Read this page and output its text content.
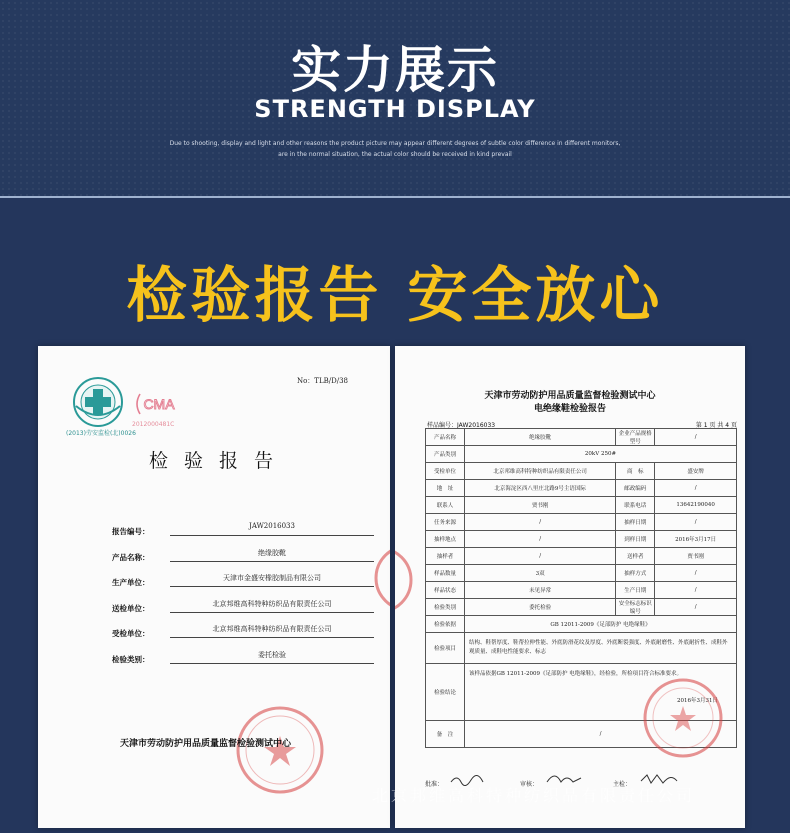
实力展示
STRENGTH DISPLAY
Due to shooting, display and light and other reasons the product picture may appear different degrees of subtle color difference in different monitors,
are in the normal situation, the actual color should be received in kind prevail
检验报告 安全放心
No：TLB/D/38
(2013)劳安监检(北)0026
CMA
2012000481C
检验报告
报告编号：
JAW2016033
产品名称：	绝缘胶靴
生产单位：	天津市金盛安橡胶制品有限公司
送检单位：	北京邦维高科特种纺织品有限责任公司
受检单位：	北京邦维高科特种纺织品有限责任公司
检验类别：	委托检验
天津市劳动防护用品质量监督检验测试中心
天津市劳动防护用品质量监督检验测试中心
电绝缘鞋检验报告
样品编号：JAW2016033	第 1 页 共 4 页
产品名称	绝缘胶靴	企业产品规格型号	/
产品类别	20kV 250#		
受检单位	北京邦维高科特种纺织品有限责任公司	商　标	盛安牌
地　址	北京海淀区西八里庄北路9号主语国际	邮政编码	/
联系人	贾书刚	联系电话	13642190040
任务来源	/	抽样日期	/
抽样地点	/	到样日期	2016年3月17日
抽样者	/	送样者	贾书刚
样品数量	3双	抽样方式	/
样品状态	未见异常	生产日期	/
检验类别	委托检验	安全标志标识编号	/
检验依据	GB 12011-2009《足部防护 电绝缘鞋》		
检验项目	结构、鞋帮厚度、鞋帮拉伸性能、外底防滑花纹及厚度、外底断裂强度、外底耐磨性、外底耐折性、成鞋外观质量、成鞋电性能要求、标志		
检验结论	该样品依据GB 12011-2009《足部防护 电绝缘鞋》，经检验，所检项目符合标准要求。
2016年3月31日		

备　注	/		
批准：	审核：	主检：
北京邦维高科特种纺织品有限责任公司
